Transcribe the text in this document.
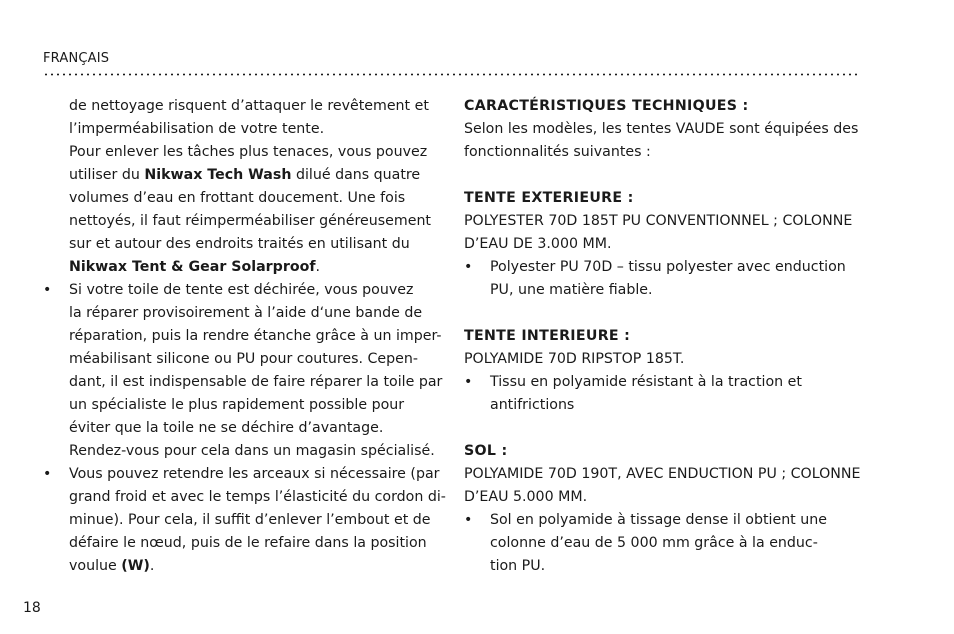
FRANÇAIS
de nettoyage risquent d’attaquer le revêtement et
l’imperméabilisation de votre tente.
Pour enlever les tâches plus tenaces, vous pouvez
utiliser du Nikwax Tech Wash dilué dans quatre
volumes d’eau en frottant doucement. Une fois
nettoyés, il faut réimperméabiliser généreusement
sur et autour des endroits traités en utilisant du
Nikwax Tent & Gear Solarproof.
• Si votre toile de tente est déchirée, vous pouvez
la réparer provisoirement à l’aide d‘une bande de
réparation, puis la rendre étanche grâce à un imper-
méabilisant silicone ou PU pour coutures. Cepen-
dant, il est indispensable de faire réparer la toile par
un spécialiste le plus rapidement possible pour
éviter que la toile ne se déchire d’avantage.
Rendez-vous pour cela dans un magasin spécialisé.
• Vous pouvez retendre les arceaux si nécessaire (par
grand froid et avec le temps l’élasticité du cordon di-
minue). Pour cela, il suffit d’enlever l’embout et de
défaire le nœud, puis de le refaire dans la position
voulue (W).
CARACTÉRISTIQUES TECHNIQUES :
Selon les modèles, les tentes VAUDE sont équipées des
fonctionnalités suivantes :
TENTE EXTERIEURE :
POLYESTER 70D 185T PU CONVENTIONNEL ; COLONNE
D’EAU DE 3.000 MM.
• Polyester PU 70D – tissu polyester avec enduction
PU, une matière fiable.
TENTE INTERIEURE :
POLYAMIDE 70D RIPSTOP 185T.
• Tissu en polyamide résistant à la traction et
antifrictions
SOL :
POLYAMIDE 70D 190T, AVEC ENDUCTION PU ; COLONNE
D’EAU 5.000 MM.
• Sol en polyamide à tissage dense il obtient une
colonne d’eau de 5 000 mm grâce à la enduc-
tion PU.
18
